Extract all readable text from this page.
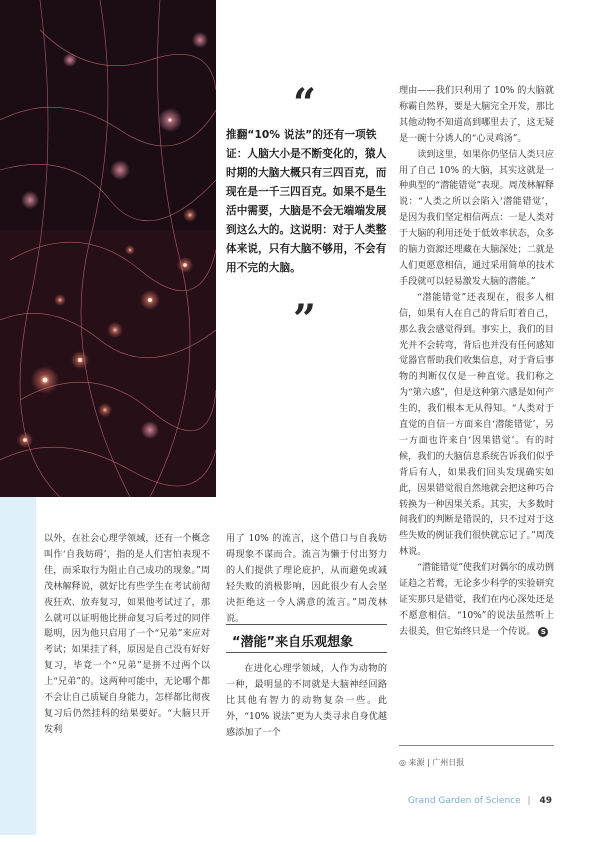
“
推翻“10% 说法”的还有一项铁证：人脑大小是不断变化的，猿人时期的大脑大概只有三四百克，而现在是一千三四百克。如果不是生活中需要，大脑是不会无端端发展到这么大的。这说明：对于人类整体来说，只有大脑不够用，不会有用不完的大脑。
”

以外，在社会心理学领域，还有一个概念叫作‘自我妨碍’，指的是人们害怕表现不佳，而采取行为阻止自己成功的现象。”周茂林解释说，就好比有些学生在考试前彻夜狂欢、放弃复习，如果他考试过了，那么就可以证明他比拼命复习后考过的同伴聪明，因为他只启用了一个“兄弟”来应对考试；如果挂了科，原因是自己没有好好复习，毕竟一个“兄弟”是拼不过两个以上“兄弟”的。这两种可能中，无论哪个都不会让自己质疑自身能力，怎样都比彻夜复习后仍然挂科的结果要好。“大脑只开发利

用了 10% 的流言，这个借口与自我妨碍现象不谋而合。流言为懒于付出努力的人们提供了理论庇护，从而避免或减轻失败的消极影响，因此很少有人会坚决拒绝这一令人满意的流言。”周茂林说。

“潜能”来自乐观想象

在进化心理学领域，人作为动物的一种，最明显的不同就是大脑神经回路比其他有智力的动物复杂一些。此外，“10% 说法”更为人类寻求自身优越感添加了一个

理由——我们只利用了 10% 的大脑就称霸自然界，要是大脑完全开发，那比其他动物不知道高到哪里去了，这无疑是一碗十分诱人的“心灵鸡汤”。

读到这里，如果你仍坚信人类只应用了自己 10% 的大脑，其实这就是一种典型的“潜能错觉”表现。周茂林解释说：“人类之所以会陷入‘潜能错觉’，是因为我们坚定相信两点：一是人类对于大脑的利用还处于低效率状态，众多的脑力资源还埋藏在大脑深处；二就是人们更愿意相信，通过采用简单的技术手段就可以轻易激发大脑的潜能。”

“潜能错觉”还表现在，很多人相信，如果有人在自己的背后盯着自己，那么我会感觉得到。事实上，我们的目光并不会转弯，背后也并没有任何感知觉器官帮助我们收集信息，对于背后事物的判断仅仅是一种直觉。我们称之为“第六感”，但是这种第六感是如何产生的，我们根本无从得知。“人类对于直觉的自信一方面来自‘潜能错觉’，另一方面也许来自‘因果错觉’。有的时候，我们的大脑信息系统告诉我们似乎背后有人，如果我们回头发现确实如此，因果错觉很自然地就会把这种巧合转换为一种因果关系。其实，大多数时间我们的判断是错误的，只不过对于这些失败的例证我们很快就忘记了。”周茂林说。

“潜能错觉”使我们对偶尔的成功例证趋之若鹜，无论多少科学的实验研究证实那只是错觉，我们在内心深处还是不愿意相信。“10%”的说法虽然听上去很美，但它始终只是一个传说。 S

◎ 来源 | 广州日报
Grand Garden of Science | 49
